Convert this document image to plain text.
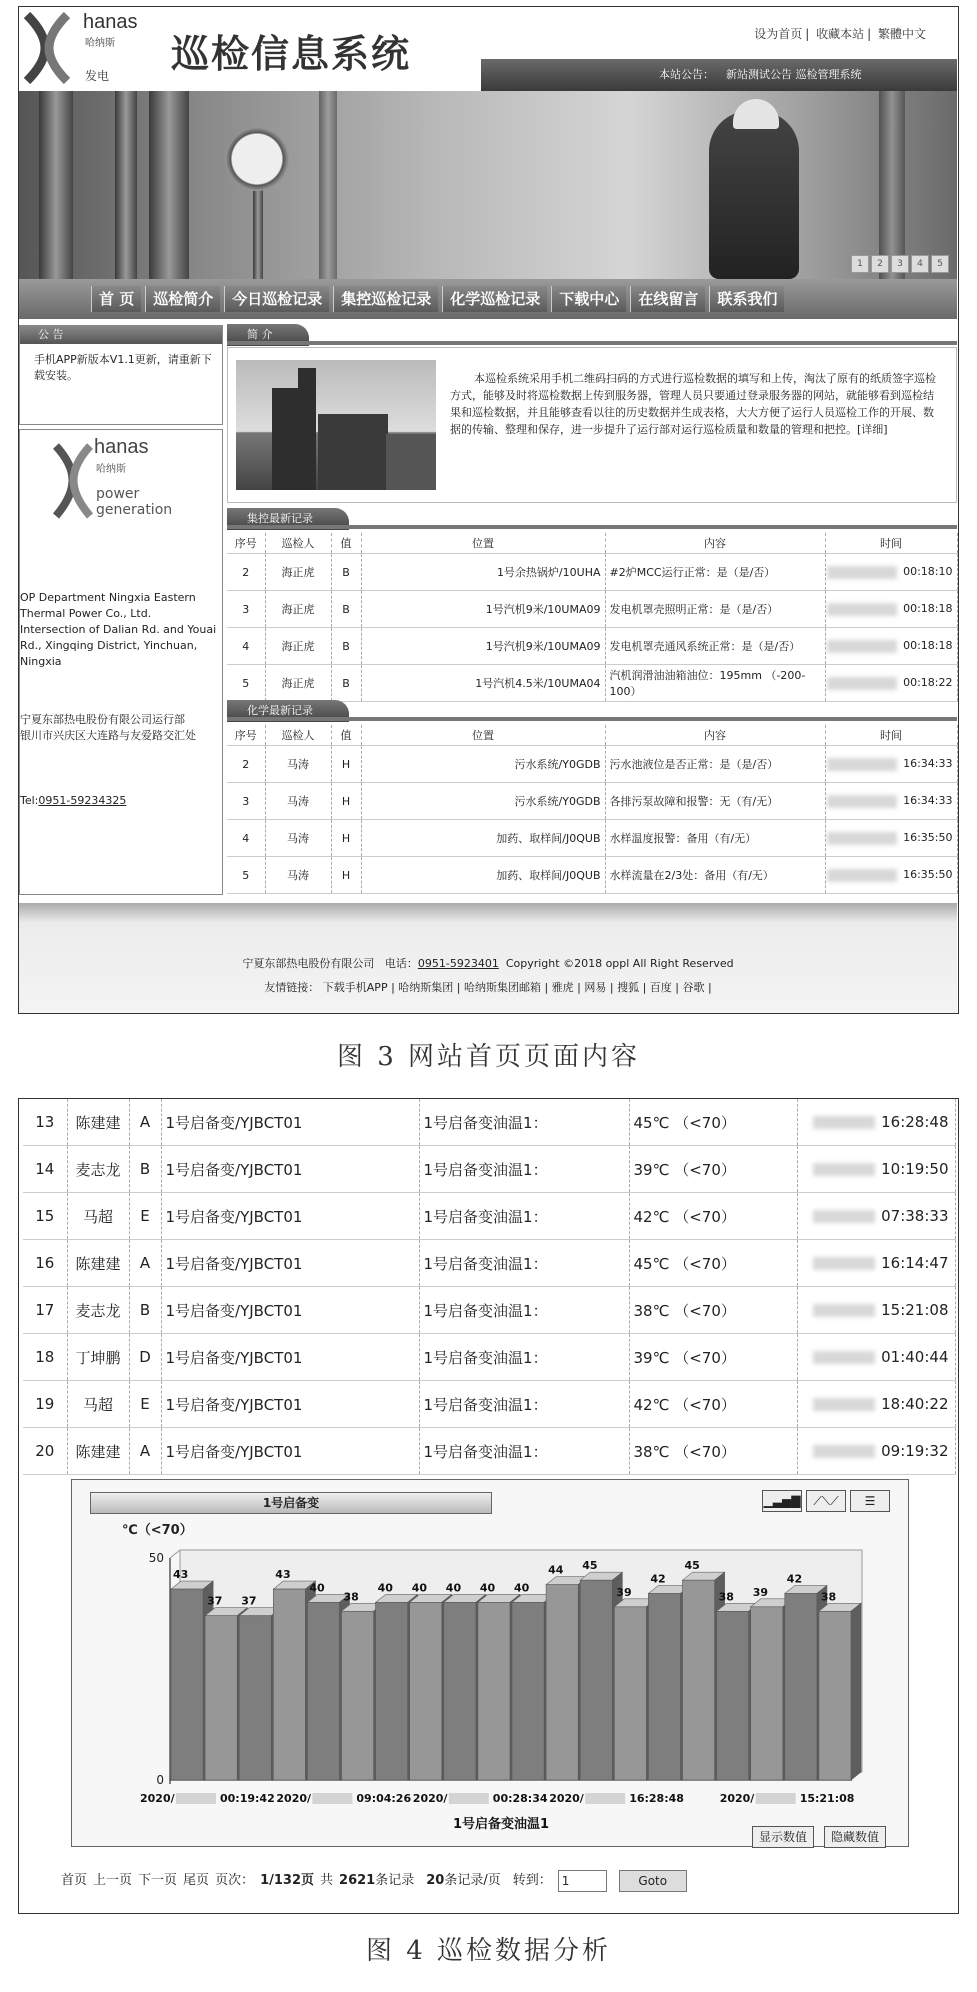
hanas
哈纳斯
发电 巡检信息系统	设为首页 | 收藏本站 | 繁體中文
本站公告： 新站测试公告 巡检管理系统
1 2 3 4 5
首 页 巡检简介 今日巡检记录 集控巡检记录 化学巡检记录 下载中心 在线留言 联系我们
公 告
手机APP新版本V1.1更新，请重新下载安装。
hanas
哈纳斯
power
generation
OP Department Ningxia Eastern Thermal Power Co., Ltd. Intersection of Dalian Rd. and Youai Rd., Xingqing District, Yinchuan, Ningxia
宁夏东部热电股份有限公司运行部
银川市兴庆区大连路与友爱路交汇处
Tel:0951-59234325
简 介
本巡检系统采用手机二维码扫码的方式进行巡检数据的填写和上传，淘汰了原有的纸质签字巡检方式，能够及时将巡检数据上传到服务器，管理人员只要通过登录服务器的网站，就能够看到巡检结果和巡检数据，并且能够查看以往的历史数据并生成表格，大大方便了运行人员巡检工作的开展、数据的传输、整理和保存，进一步提升了运行部对运行巡检质量和数量的管理和把控。[详细]
集控最新记录
序号	巡检人	值	位置	内容	时间
2	海正虎	B	1号余热锅炉/10UHA	#2炉MCC运行正常：是（是/否）	00:18:10
3	海正虎	B	1号汽机9米/10UMA09	发电机罩壳照明正常：是（是/否）	00:18:18
4	海正虎	B	1号汽机9米/10UMA09	发电机罩壳通风系统正常：是（是/否）	00:18:18
5	海正虎	B	1号汽机4.5米/10UMA04	汽机润滑油油箱油位：195mm （-200-100）	00:18:22
化学最新记录
序号	巡检人	值	位置	内容	时间
2	马涛	H	污水系统/Y0GDB	污水池液位是否正常：是（是/否）	16:34:33
3	马涛	H	污水系统/Y0GDB	各排污泵故障和报警：无（有/无）	16:34:33
4	马涛	H	加药、取样间/J0QUB	水样温度报警：备用（有/无）	16:35:50
5	马涛	H	加药、取样间/J0QUB	水样流量在2/3处：备用（有/无）	16:35:50
宁夏东部热电股份有限公司 电话：0951-5923401 Copyright ©2018 oppl All Right Reserved
友情链接： 下载手机APP | 哈纳斯集团 | 哈纳斯集团邮箱 | 雅虎 | 网易 | 搜狐 | 百度 | 谷歌 |
图 3 网站首页页面内容
13	陈建建	A	1号启备变/YJBCT01	1号启备变油温1：	45℃ （<70）	16:28:48
14	麦志龙	B	1号启备变/YJBCT01	1号启备变油温1：	39℃ （<70）	10:19:50
15	马超	E	1号启备变/YJBCT01	1号启备变油温1：	42℃ （<70）	07:38:33
16	陈建建	A	1号启备变/YJBCT01	1号启备变油温1：	45℃ （<70）	16:14:47
17	麦志龙	B	1号启备变/YJBCT01	1号启备变油温1：	38℃ （<70）	15:21:08
18	丁坤鹏	D	1号启备变/YJBCT01	1号启备变油温1：	39℃ （<70）	01:40:44
19	马超	E	1号启备变/YJBCT01	1号启备变油温1：	42℃ （<70）	18:40:22
20	陈建建	A	1号启备变/YJBCT01	1号启备变油温1：	38℃ （<70）	09:19:32
1号启备变	▁▃▅▇ ⟋⟍⟋ ☰
0
50
℃（<70）
43
37 37
43
40
38
40 40 40 40 40
44 45
39
42
45
38 39
42
38
2020/	00:19:42 2020/	09:04:26 2020/	00:28:34 2020/	16:28:48	2020/	15:21:08
1号启备变油温1
显示数值	隐藏数值
首页 上一页 下一页 尾页 页次： 1/132页 共 2621条记录 20条记录/页 转到： 1	Goto
图 4 巡检数据分析
